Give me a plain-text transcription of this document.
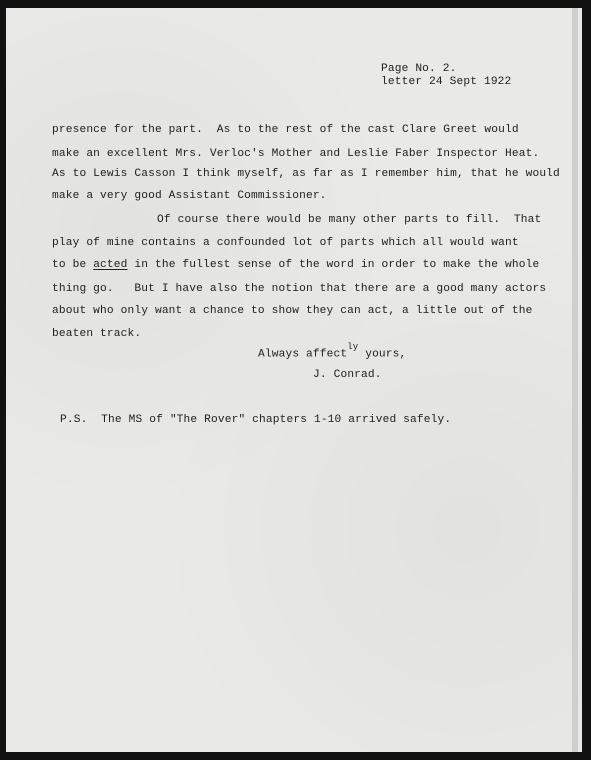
Page No. 2.
letter 24 Sept 1922
presence for the part.  As to the rest of the cast Clare Greet would
make an excellent Mrs. Verloc's Mother and Leslie Faber Inspector Heat.
As to Lewis Casson I think myself, as far as I remember him, that he would
make a very good Assistant Commissioner.
Of course there would be many other parts to fill.  That
play of mine contains a confounded lot of parts which all would want
to be acted in the fullest sense of the word in order to make the whole
thing go.   But I have also the notion that there are a good many actors
about who only want a chance to show they can act, a little out of the
beaten track.
Always affect$^{ly}$ yours,
J. Conrad.
P.S.  The MS of "The Rover" chapters 1-10 arrived safely.
